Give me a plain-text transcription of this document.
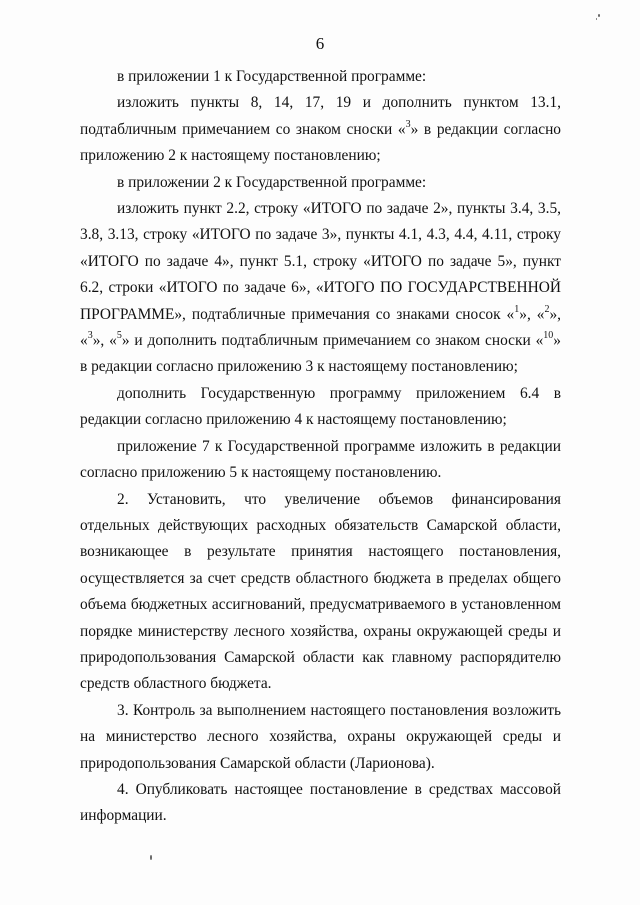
6

в приложении 1 к Государственной программе:

изложить пункты 8, 14, 17, 19 и дополнить пунктом 13.1, подтабличным примечанием со знаком сноски «$^3$» в редакции согласно приложению 2 к настоящему постановлению;

в приложении 2 к Государственной программе:

изложить пункт 2.2, строку «ИТОГО по задаче 2», пункты 3.4, 3.5, 3.8, 3.13, строку «ИТОГО по задаче 3», пункты 4.1, 4.3, 4.4, 4.11, строку «ИТОГО по задаче 4», пункт 5.1, строку «ИТОГО по задаче 5», пункт 6.2, строки «ИТОГО по задаче 6», «ИТОГО ПО ГОСУДАРСТВЕННОЙ ПРОГРАММЕ», подтабличные примечания со знаками сносок «$^1$», «$^2$», «$^3$», «$^5$» и дополнить подтабличным примечанием со знаком сноски «$^{10}$» в редакции согласно приложению 3 к настоящему постановлению;

дополнить Государственную программу приложением 6.4 в редакции согласно приложению 4 к настоящему постановлению;

приложение 7 к Государственной программе изложить в редакции согласно приложению 5 к настоящему постановлению.

2. Установить, что увеличение объемов финансирования отдельных действующих расходных обязательств Самарской области, возникающее в результате принятия настоящего постановления, осуществляется за счет средств областного бюджета в пределах общего объема бюджетных ассигнований, предусматриваемого в установленном порядке министерству лесного хозяйства, охраны окружающей среды и природопользования Самарской области как главному распорядителю средств областного бюджета.

3. Контроль за выполнением настоящего постановления возложить на министерство лесного хозяйства, охраны окружающей среды и природопользования Самарской области (Ларионова).

4. Опубликовать настоящее постановление в средствах массовой информации.
